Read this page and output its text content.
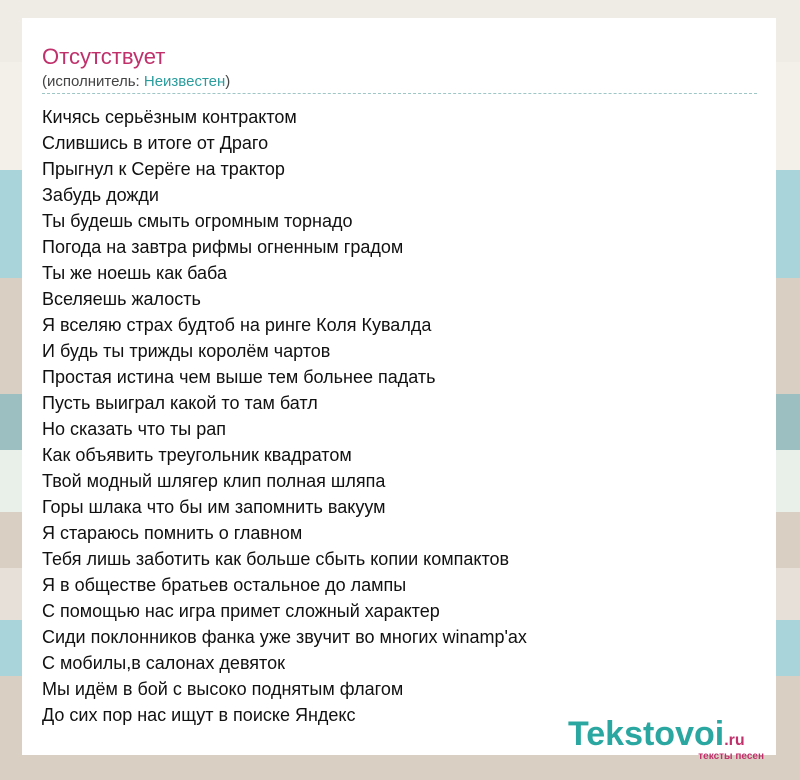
Отсутствует
(исполнитель: Неизвестен)
Кичясь серьёзным контрактом
Слившись в итоге от Драго
Прыгнул к Серёге на трактор
Забудь дожди
Ты будешь смыть огромным торнадо
Погода на завтра рифмы огненным градом
Ты же ноешь как баба
Вселяешь жалость
Я вселяю страх будтоб на ринге Коля Кувалда
И будь ты трижды королём чартов
Простая истина чем выше тем больнее падать
Пусть выиграл какой то там батл
Но сказать что ты рап
Как объявить треугольник квадратом
Твой модный шлягер клип полная шляпа
Горы шлака что бы им запомнить вакуум
Я стараюсь помнить о главном
Тебя лишь заботить как больше сбыть копии компактов
Я в обществе братьев остальное до лампы
С помощью нас игра примет сложный характер
Сиди поклонников фанка уже звучит во многих winamp'ах
С мобилы,в салонах девяток
Мы идём в бой с высоко поднятым флагом
До сих пор нас ищут в поиске Яндекс	Tekstovoi.ru
тексты песен
